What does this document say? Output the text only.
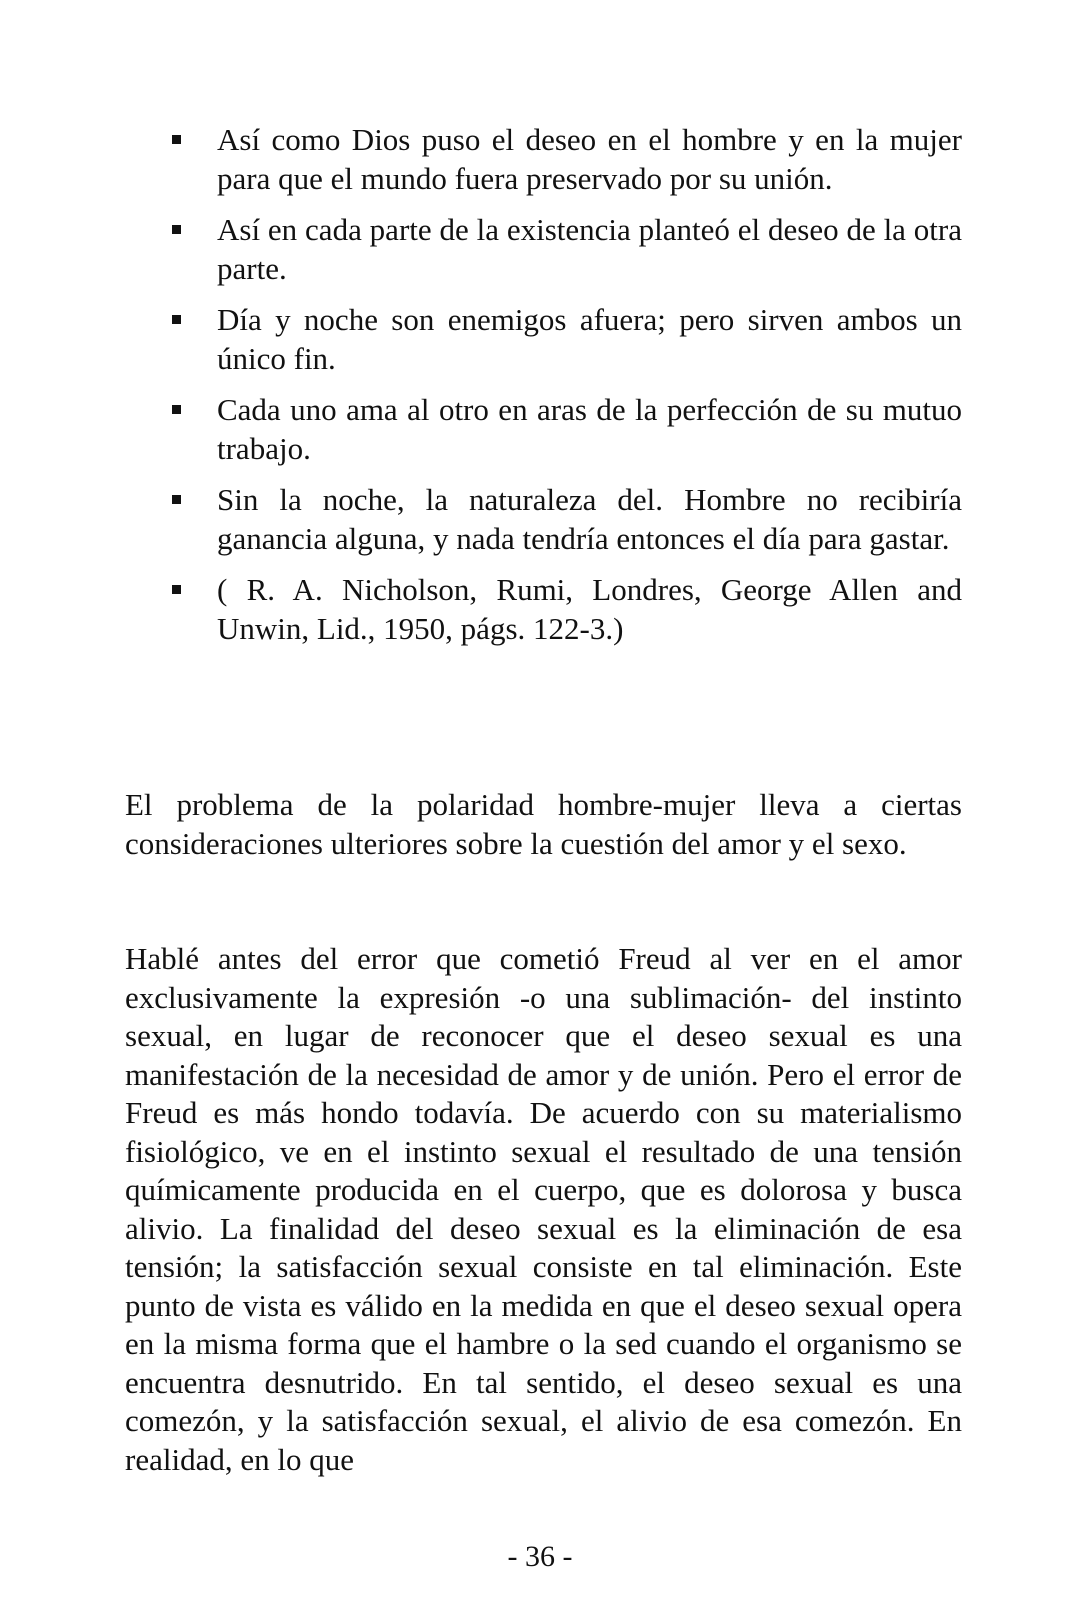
Así como Dios puso el deseo en el hombre y en la mujer para que el mundo fuera preservado por su unión.
Así en cada parte de la existencia planteó el deseo de la otra parte.
Día y noche son enemigos afuera; pero sirven ambos un único fin.
Cada uno ama al otro en aras de la perfección de su mutuo trabajo.
Sin la noche, la naturaleza del. Hombre no recibiría ganancia alguna, y nada tendría entonces el día para gastar.
( R. A. Nicholson, Rumi, Londres, George Allen and Unwin, Lid., 1950, págs. 122-3.)

El problema de la polaridad hombre-mujer lleva a ciertas consideraciones ulteriores sobre la cuestión del amor y el sexo.

Hablé antes del error que cometió Freud al ver en el amor exclusivamente la expresión -o una sublimación- del instinto sexual, en lugar de reconocer que el deseo sexual es una manifestación de la necesidad de amor y de unión. Pero el error de Freud es más hondo todavía. De acuerdo con su materialismo fisiológico, ve en el instinto sexual el resultado de una tensión químicamente producida en el cuerpo, que es dolorosa y busca alivio. La finalidad del deseo sexual es la eliminación de esa tensión; la satisfacción sexual consiste en tal eliminación. Este punto de vista es válido en la medida en que el deseo sexual opera en la misma forma que el hambre o la sed cuando el organismo se encuentra desnutrido. En tal sentido, el deseo sexual es una comezón, y la satisfacción sexual, el alivio de esa comezón. En realidad, en lo que

- 36 -
